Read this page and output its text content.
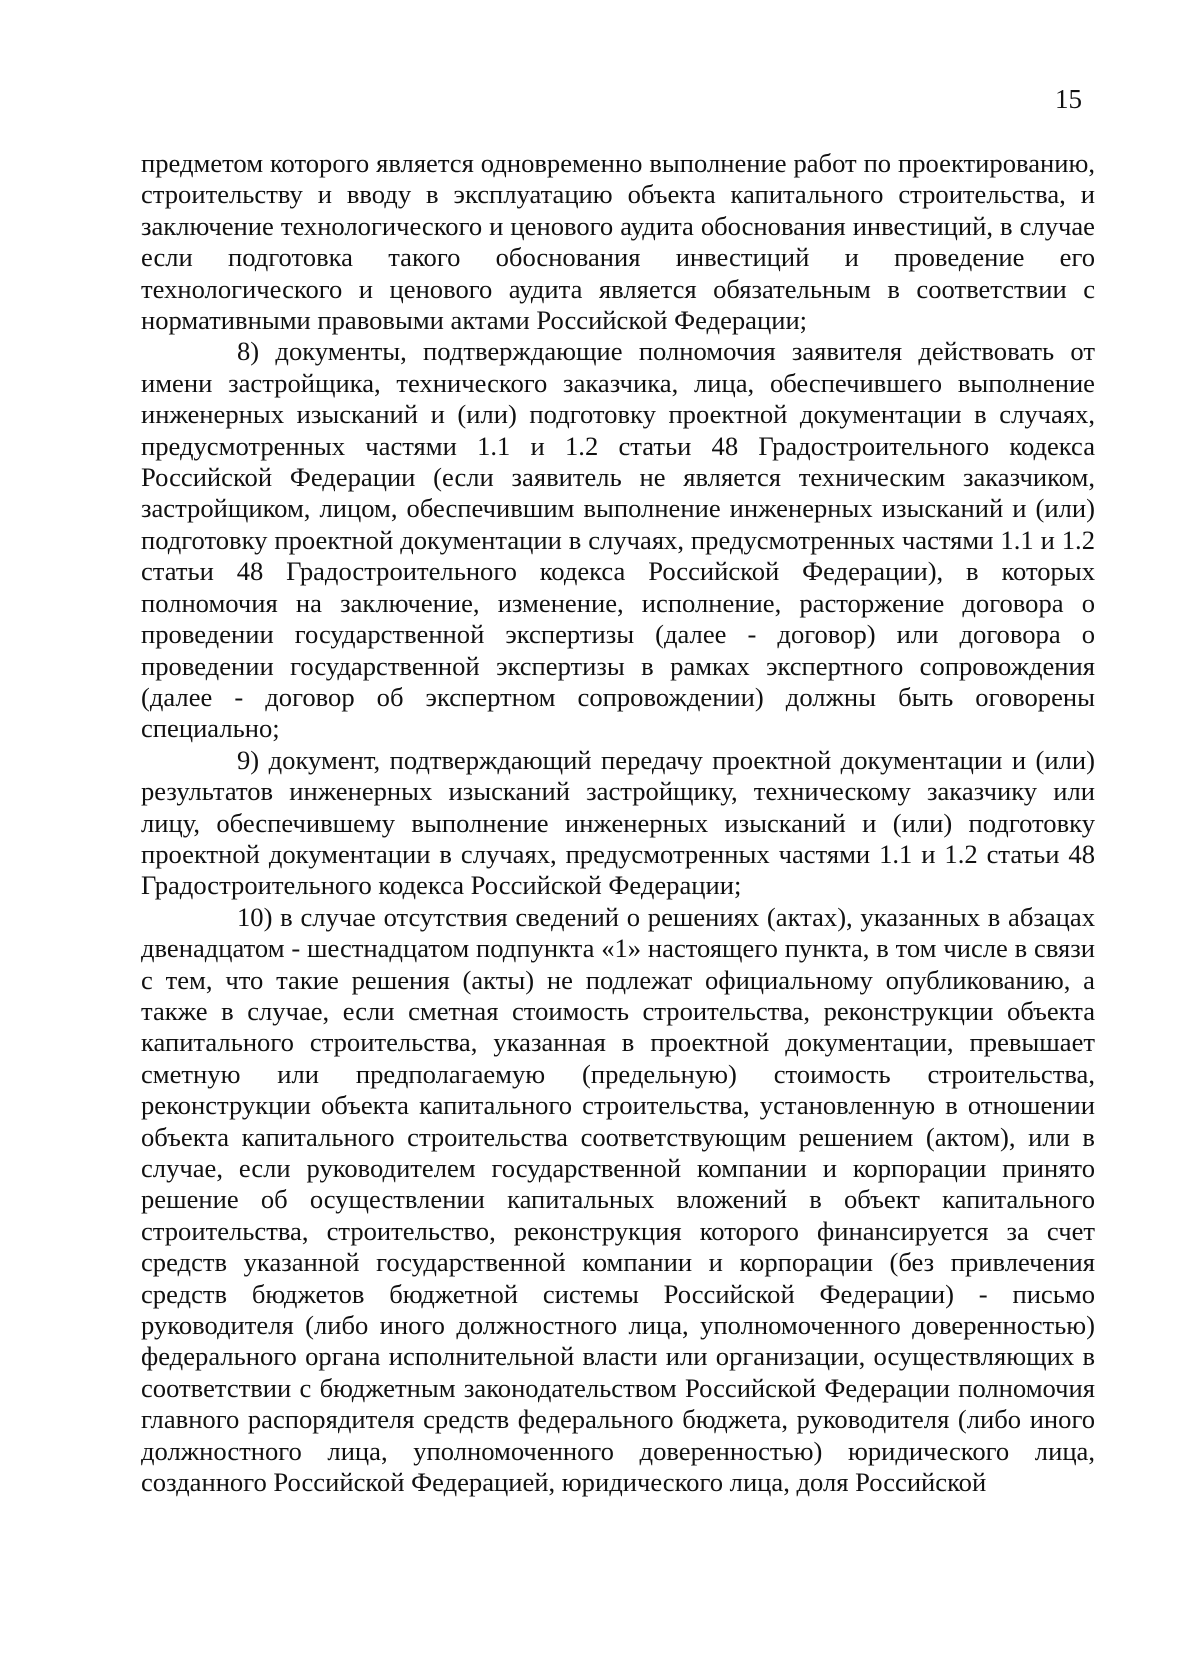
15

предметом которого является одновременно выполнение работ по проектированию, строительству и вводу в эксплуатацию объекта капитального строительства, и заключение технологического и ценового аудита обоснования инвестиций, в случае если подготовка такого обоснования инвестиций и проведение его технологического и ценового аудита является обязательным в соответствии с нормативными правовыми актами Российской Федерации;

8) документы, подтверждающие полномочия заявителя действовать от имени застройщика, технического заказчика, лица, обеспечившего выполнение инженерных изысканий и (или) подготовку проектной документации в случаях, предусмотренных частями 1.1 и 1.2 статьи 48 Градостроительного кодекса Российской Федерации (если заявитель не является техническим заказчиком, застройщиком, лицом, обеспечившим выполнение инженерных изысканий и (или) подготовку проектной документации в случаях, предусмотренных частями 1.1 и 1.2 статьи 48 Градостроительного кодекса Российской Федерации), в которых полномочия на заключение, изменение, исполнение, расторжение договора о проведении государственной экспертизы (далее - договор) или договора о проведении государственной экспертизы в рамках экспертного сопровождения (далее - договор об экспертном сопровождении) должны быть оговорены специально;

9) документ, подтверждающий передачу проектной документации и (или) результатов инженерных изысканий застройщику, техническому заказчику или лицу, обеспечившему выполнение инженерных изысканий и (или) подготовку проектной документации в случаях, предусмотренных частями 1.1 и 1.2 статьи 48 Градостроительного кодекса Российской Федерации;

10) в случае отсутствия сведений о решениях (актах), указанных в абзацах двенадцатом - шестнадцатом подпункта «1» настоящего пункта, в том числе в связи с тем, что такие решения (акты) не подлежат официальному опубликованию, а также в случае, если сметная стоимость строительства, реконструкции объекта капитального строительства, указанная в проектной документации, превышает сметную или предполагаемую (предельную) стоимость строительства, реконструкции объекта капитального строительства, установленную в отношении объекта капитального строительства соответствующим решением (актом), или в случае, если руководителем государственной компании и корпорации принято решение об осуществлении капитальных вложений в объект капитального строительства, строительство, реконструкция которого финансируется за счет средств указанной государственной компании и корпорации (без привлечения средств бюджетов бюджетной системы Российской Федерации) - письмо руководителя (либо иного должностного лица, уполномоченного доверенностью) федерального органа исполнительной власти или организации, осуществляющих в соответствии с бюджетным законодательством Российской Федерации полномочия главного распорядителя средств федерального бюджета, руководителя (либо иного должностного лица, уполномоченного доверенностью) юридического лица, созданного Российской Федерацией, юридического лица, доля Российской
